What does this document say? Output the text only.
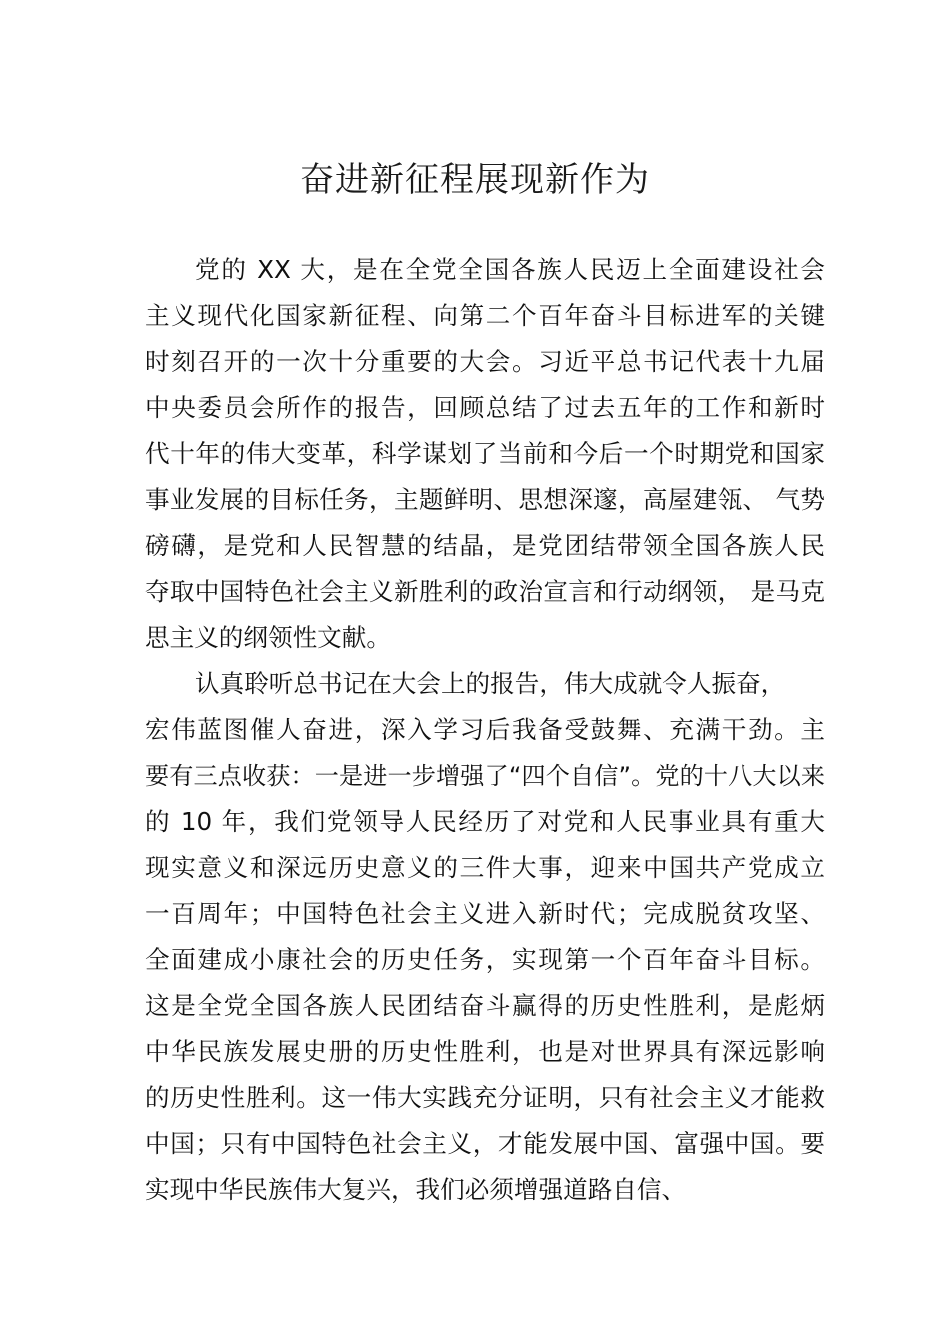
奋进新征程展现新作为
党的 XX 大，是在全党全国各族人民迈上全面建设社会
主义现代化国家新征程、向第二个百年奋斗目标进军的关键
时刻召开的一次十分重要的大会。习近平总书记代表十九届
中央委员会所作的报告，回顾总结了过去五年的工作和新时
代十年的伟大变革，科学谋划了当前和今后一个时期党和国家
事业发展的目标任务，主题鲜明、思想深邃，高屋建瓴、 气势
磅礴，是党和人民智慧的结晶，是党团结带领全国各族人民
夺取中国特色社会主义新胜利的政治宣言和行动纲领， 是马克
思主义的纲领性文献。
认真聆听总书记在大会上的报告，伟大成就令人振奋，
宏伟蓝图催人奋进，深入学习后我备受鼓舞、充满干劲。主
要有三点收获：一是进一步增强了“四个自信”。党的十八大以来
的 10 年，我们党领导人民经历了对党和人民事业具有重大
现实意义和深远历史意义的三件大事，迎来中国共产党成立
一百周年；中国特色社会主义进入新时代；完成脱贫攻坚、
全面建成小康社会的历史任务，实现第一个百年奋斗目标。
这是全党全国各族人民团结奋斗赢得的历史性胜利，是彪炳
中华民族发展史册的历史性胜利，也是对世界具有深远影响
的历史性胜利。这一伟大实践充分证明，只有社会主义才能救
中国；只有中国特色社会主义，才能发展中国、富强中国。要
实现中华民族伟大复兴，我们必须增强道路自信、
